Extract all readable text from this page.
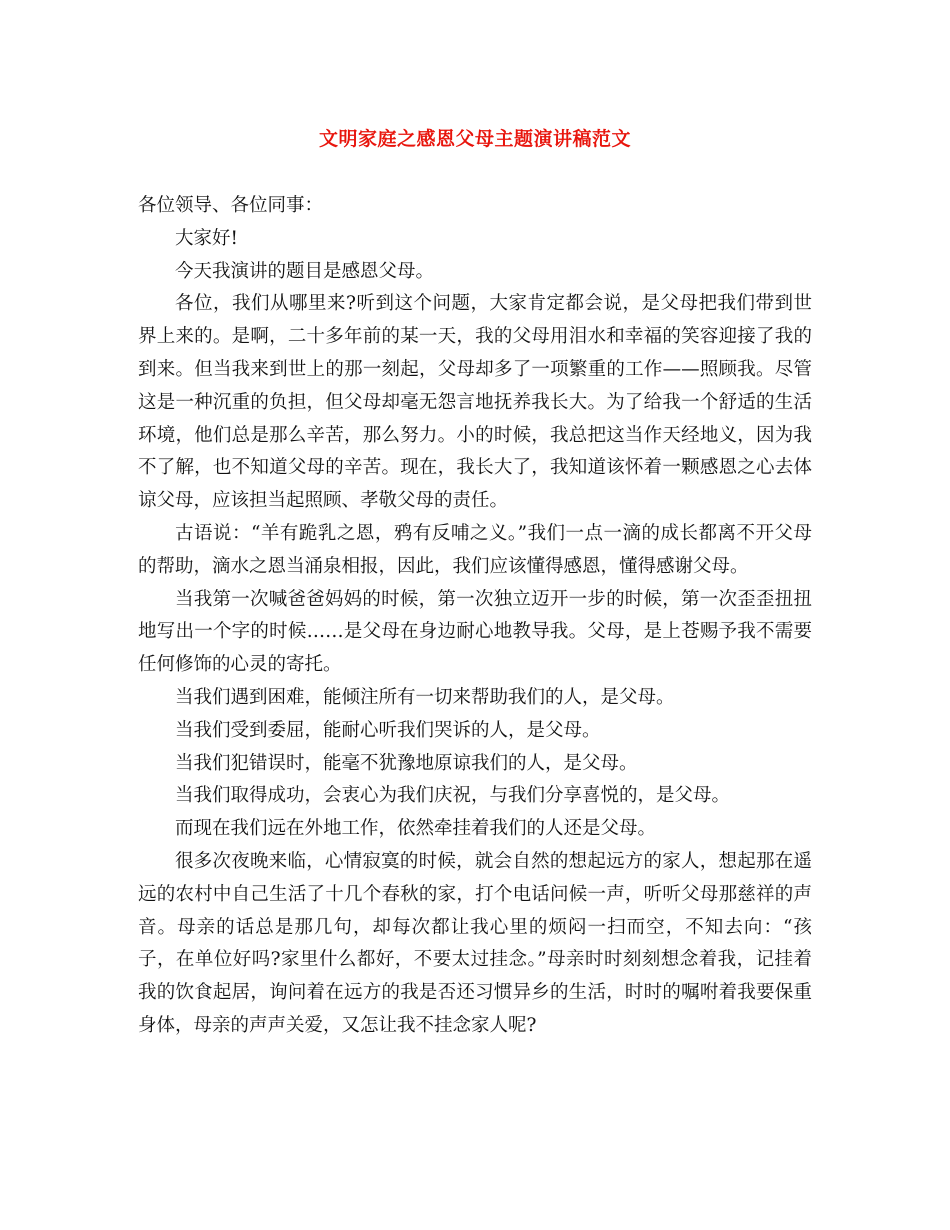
文明家庭之感恩父母主题演讲稿范文

各位领导、各位同事：

大家好!

今天我演讲的题目是感恩父母。

各位，我们从哪里来?听到这个问题，大家肯定都会说，是父母把我们带到世界上来的。是啊，二十多年前的某一天，我的父母用泪水和幸福的笑容迎接了我的到来。但当我来到世上的那一刻起，父母却多了一项繁重的工作——照顾我。尽管这是一种沉重的负担，但父母却毫无怨言地抚养我长大。为了给我一个舒适的生活环境，他们总是那么辛苦，那么努力。小的时候，我总把这当作天经地义，因为我不了解，也不知道父母的辛苦。现在，我长大了，我知道该怀着一颗感恩之心去体谅父母，应该担当起照顾、孝敬父母的责任。

古语说：“羊有跪乳之恩，鸦有反哺之义。”我们一点一滴的成长都离不开父母的帮助，滴水之恩当涌泉相报，因此，我们应该懂得感恩，懂得感谢父母。

当我第一次喊爸爸妈妈的时候，第一次独立迈开一步的时候，第一次歪歪扭扭地写出一个字的时候……是父母在身边耐心地教导我。父母，是上苍赐予我不需要任何修饰的心灵的寄托。

当我们遇到困难，能倾注所有一切来帮助我们的人，是父母。

当我们受到委屈，能耐心听我们哭诉的人，是父母。

当我们犯错误时，能毫不犹豫地原谅我们的人，是父母。

当我们取得成功，会衷心为我们庆祝，与我们分享喜悦的，是父母。

而现在我们远在外地工作，依然牵挂着我们的人还是父母。

很多次夜晚来临，心情寂寞的时候，就会自然的想起远方的家人，想起那在遥远的农村中自己生活了十几个春秋的家，打个电话问候一声，听听父母那慈祥的声音。母亲的话总是那几句，却每次都让我心里的烦闷一扫而空，不知去向：“孩子，在单位好吗?家里什么都好，不要太过挂念。”母亲时时刻刻想念着我，记挂着我的饮食起居，询问着在远方的我是否还习惯异乡的生活，时时的嘱咐着我要保重身体，母亲的声声关爱，又怎让我不挂念家人呢?
